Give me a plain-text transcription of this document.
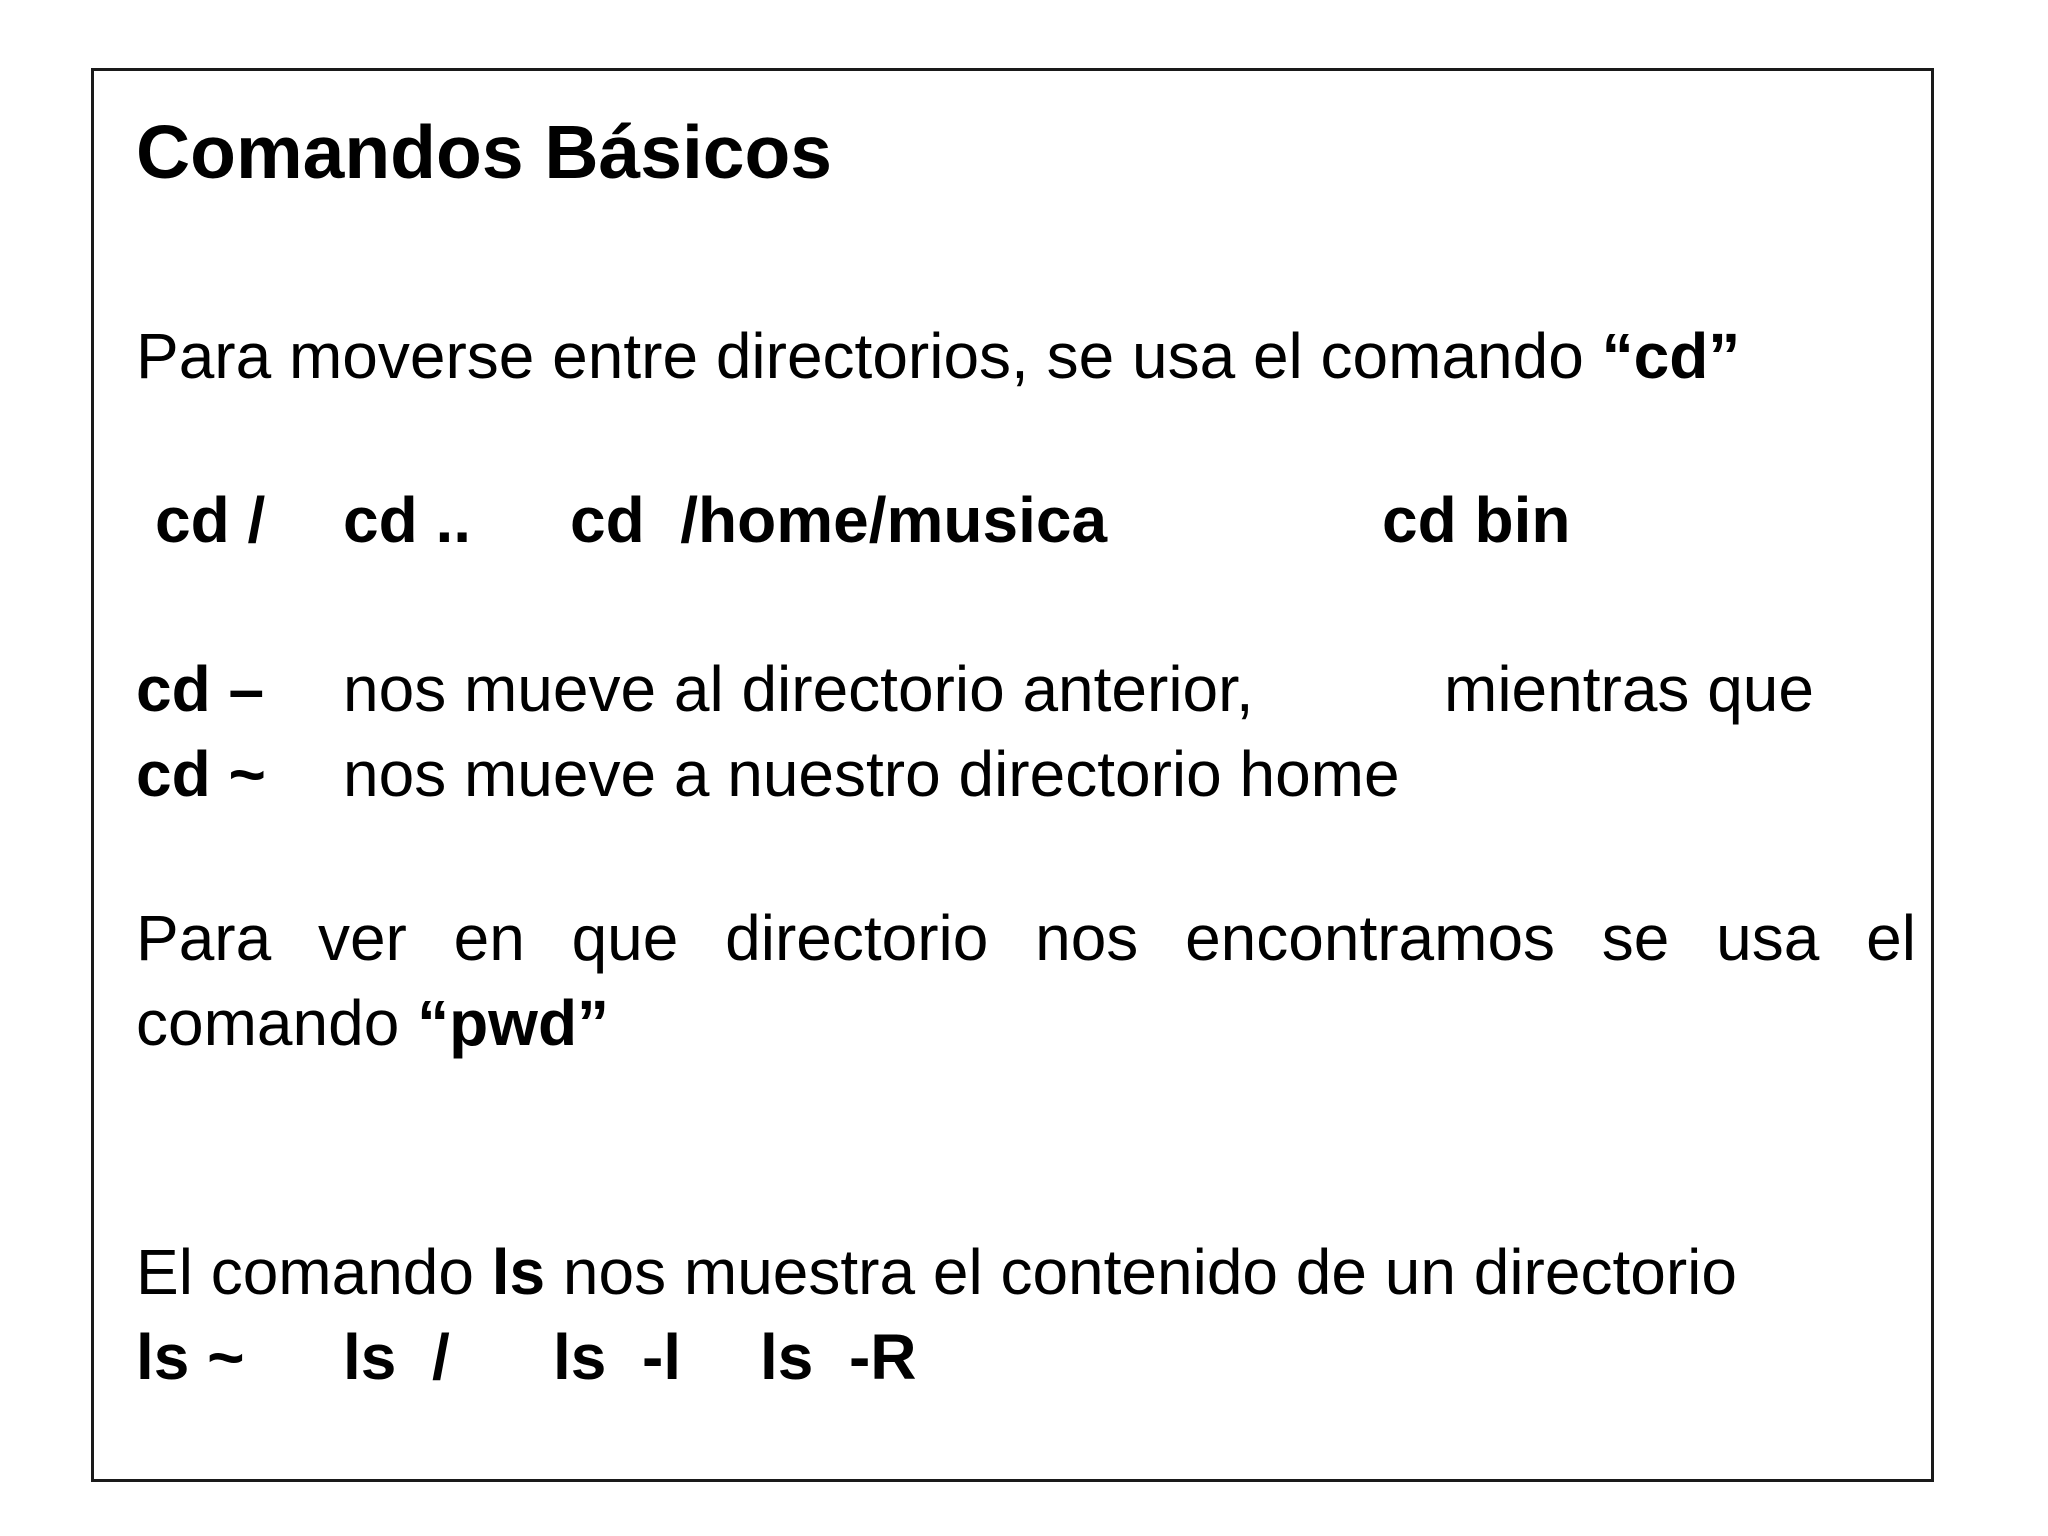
Comandos Básicos
Para moverse entre directorios, se usa el comando “cd”
cd / cd .. cd  /home/musica	cd bin
cd – nos mueve al directorio anterior,	mientras que
cd ~ nos mueve a nuestro directorio home
Para ver en que directorio nos encontramos se usa el
comando “pwd”
El comando ls nos muestra el contenido de un directorio
ls ~ ls  / ls  -l ls  -R
